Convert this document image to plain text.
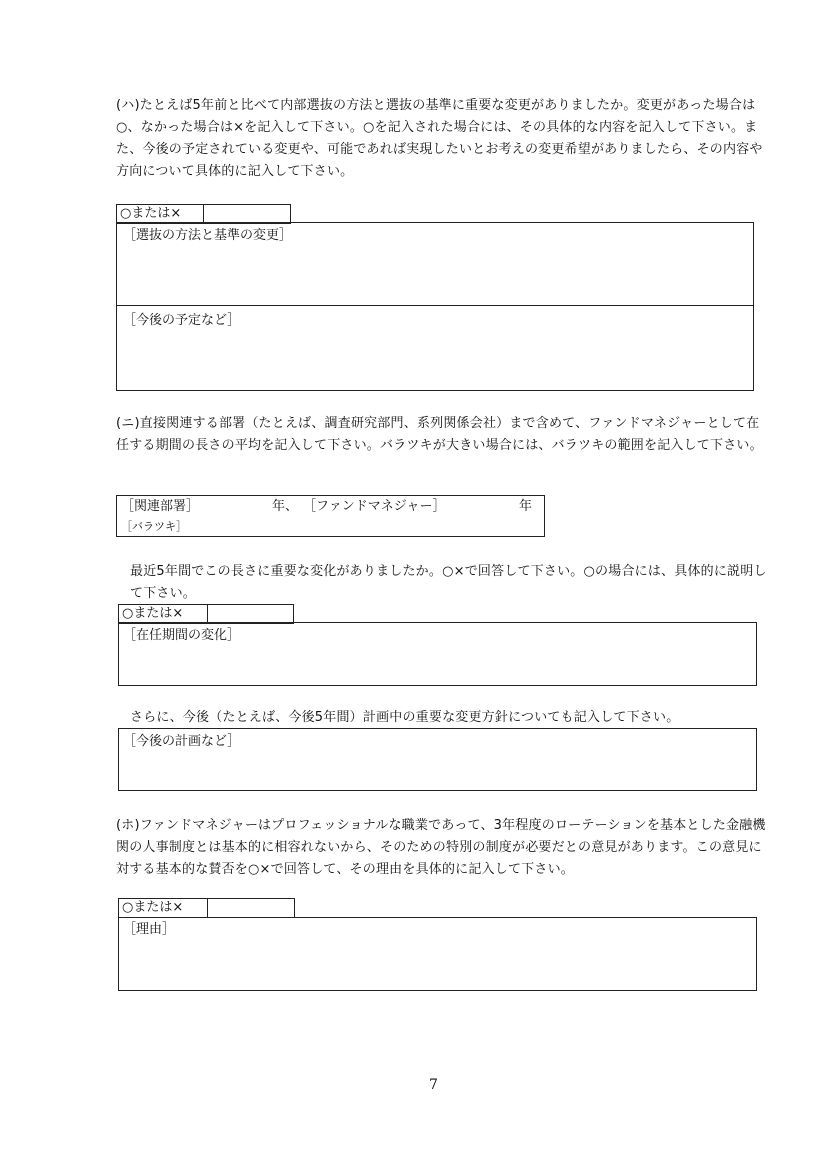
(ハ)たとえば5年前と比べて内部選抜の方法と選抜の基準に重要な変更がありましたか。変更があった場合は○、なかった場合は×を記入して下さい。○を記入された場合には、その具体的な内容を記入して下さい。また、今後の予定されている変更や、可能であれば実現したいとお考えの変更希望がありましたら、その内容や方向について具体的に記入して下さい。
○または×
［選抜の方法と基準の変更］
［今後の予定など］
(ニ)直接関連する部署（たとえば、調査研究部門、系列関係会社）まで含めて、ファンドマネジャーとして在任する期間の長さの平均を記入して下さい。バラツキが大きい場合には、バラツキの範囲を記入して下さい。
［関連部署］	年、 ［ファンドマネジャー］	年
［バラツキ］
最近5年間でこの長さに重要な変化がありましたか。○×で回答して下さい。○の場合には、具体的に説明して下さい。
○または×
［在任期間の変化］
さらに、今後（たとえば、今後5年間）計画中の重要な変更方針についても記入して下さい。
［今後の計画など］
(ホ)ファンドマネジャーはプロフェッショナルな職業であって、3年程度のローテーションを基本とした金融機関の人事制度とは基本的に相容れないから、そのための特別の制度が必要だとの意見があります。この意見に対する基本的な賛否を○×で回答して、その理由を具体的に記入して下さい。
○または×
［理由］
7
